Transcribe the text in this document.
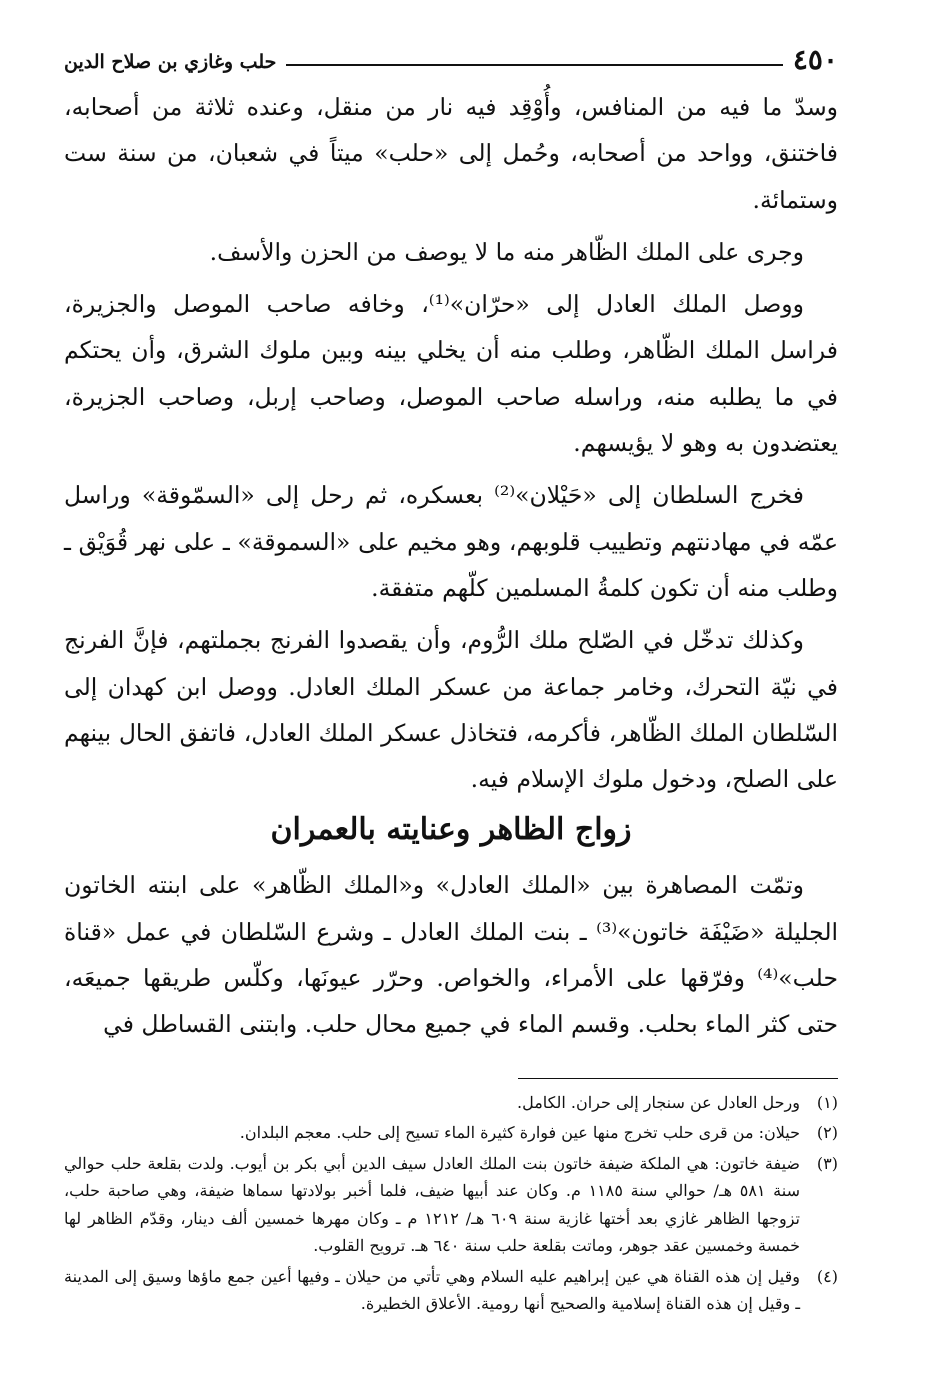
٤٥٠
حلب وغازي بن صلاح الدين

وسدّ ما فيه من المنافس، وأُوْقِد فيه نار من منقل، وعنده ثلاثة من أصحابه، فاختنق، وواحد من أصحابه، وحُمل إلى «حلب» ميتاً في شعبان، من سنة ست وستمائة.

وجرى على الملك الظّاهر منه ما لا يوصف من الحزن والأسف.

ووصل الملك العادل إلى «حرّان»⁽¹⁾، وخافه صاحب الموصل والجزيرة، فراسل الملك الظّاهر، وطلب منه أن يخلي بينه وبين ملوك الشرق، وأن يحتكم في ما يطلبه منه، وراسله صاحب الموصل، وصاحب إربل، وصاحب الجزيرة، يعتضدون به وهو لا يؤيسهم.

فخرج السلطان إلى «حَيْلان»⁽²⁾ بعسكره، ثم رحل إلى «السمّوقة» وراسل عمّه في مهادنتهم وتطييب قلوبهم، وهو مخيم على «السموقة» ـ على نهر قُوَيْق ـ وطلب منه أن تكون كلمةُ المسلمين كلّهم متفقة.

وكذلك تدخّل في الصّلح ملك الرُّوم، وأن يقصدوا الفرنج بجملتهم، فإنَّ الفرنج في نيّة التحرك، وخامر جماعة من عسكر الملك العادل. ووصل ابن كهدان إلى السّلطان الملك الظّاهر، فأكرمه، فتخاذل عسكر الملك العادل، فاتفق الحال بينهم على الصلح، ودخول ملوك الإسلام فيه.

زواج الظاهر وعنايته بالعمران

وتمّت المصاهرة بين «الملك العادل» و«الملك الظّاهر» على ابنته الخاتون الجليلة «ضَيْفَة خاتون»⁽³⁾ ـ بنت الملك العادل ـ وشرع السّلطان في عمل «قناة حلب»⁽⁴⁾ وفرّقها على الأمراء، والخواص. وحرّر عيونَها، وكلّس طريقها جميعَه، حتى كثر الماء بحلب. وقسم الماء في جميع محال حلب. وابتنى القساطل في

(١)
ورحل العادل عن سنجار إلى حران. الكامل.
(٢)
حيلان: من قرى حلب تخرج منها عين فوارة كثيرة الماء تسيح إلى حلب. معجم البلدان.
(٣)
ضيفة خاتون: هي الملكة ضيفة خاتون بنت الملك العادل سيف الدين أبي بكر بن أيوب. ولدت بقلعة حلب حوالي سنة ٥٨١ هـ/ حوالي سنة ١١٨٥ م. وكان عند أبيها ضيف، فلما أخبر بولادتها سماها ضيفة، وهي صاحبة حلب، تزوجها الظاهر غازي بعد أختها غازية سنة ٦٠٩ هـ/ ١٢١٢ م ـ وكان مهرها خمسين ألف دينار، وقدّم الظاهر لها خمسة وخمسين عقد جوهر، وماتت بقلعة حلب سنة ٦٤٠ هـ. ترويح القلوب.
(٤)
وقيل إن هذه القناة هي عين إبراهيم عليه السلام وهي تأتي من حيلان ـ وفيها أعين جمع ماؤها وسيق إلى المدينة ـ وقيل إن هذه القناة إسلامية والصحيح أنها رومية. الأعلاق الخطيرة.
